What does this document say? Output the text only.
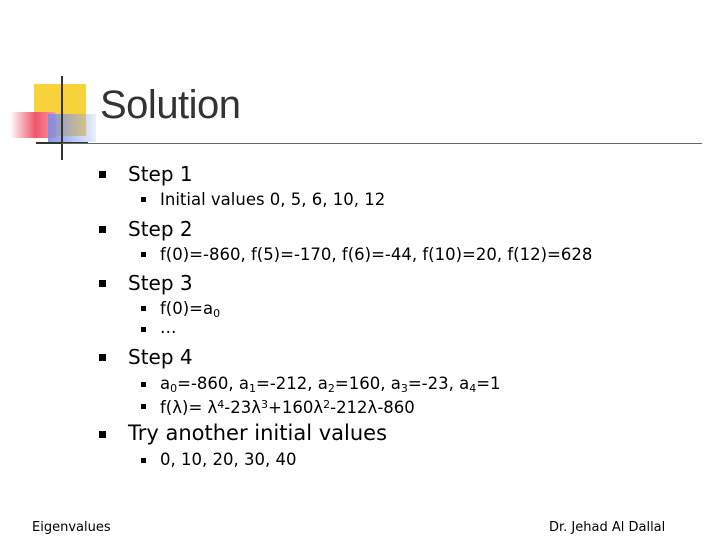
Solution
Step 1
Initial values 0, 5, 6, 10, 12
Step 2
f(0)=-860, f(5)=-170, f(6)=-44, f(10)=20, f(12)=628
Step 3
$f(0)=a_0$
…
Step 4
$a_0=-860$, $a_1=-212$, $a_2=160$, $a_3=-23$, $a_4=1$
$f(\lambda)= \lambda^4-23\lambda^3+160\lambda^2-212\lambda-860$
Try another initial values
0, 10, 20, 30, 40
Eigenvalues	Dr. Jehad Al Dallal
